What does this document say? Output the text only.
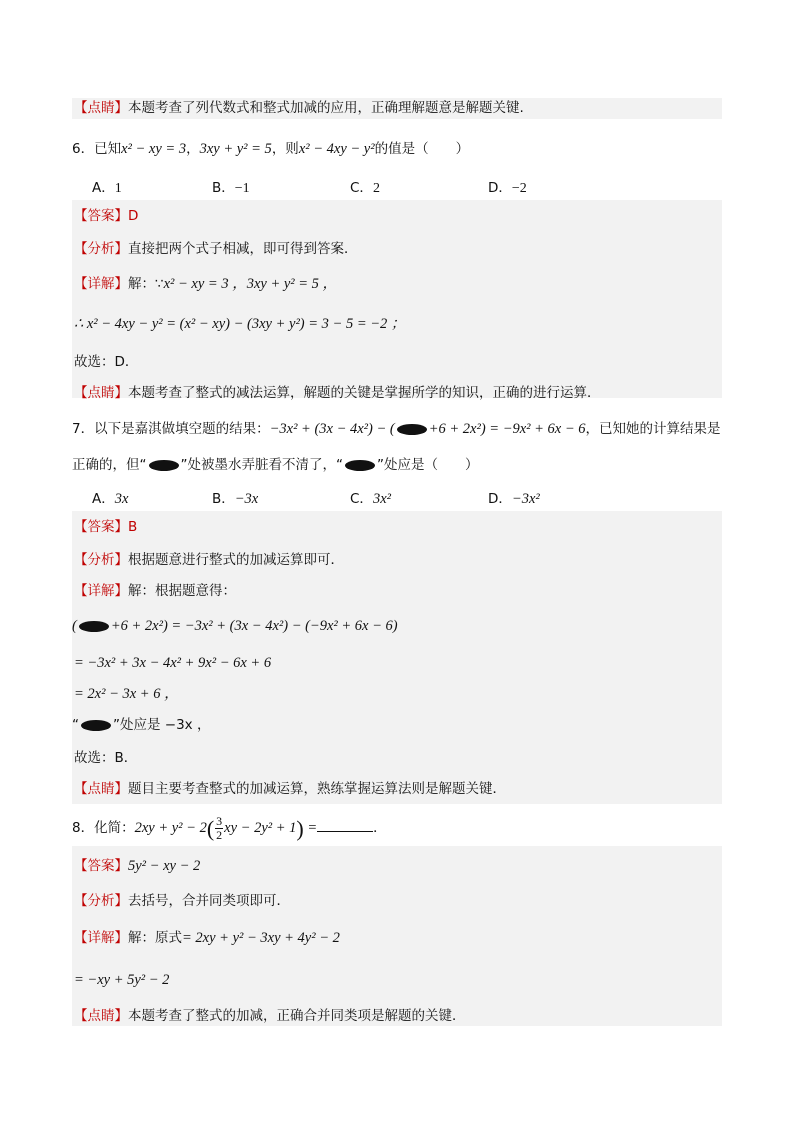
【点睛】本题考查了列代数式和整式加减的应用，正确理解题意是解题关键.
6．已知x² − xy = 3，3xy + y² = 5，则x² − 4xy − y²的值是（　　）
A．1	B．−1	C．2	D．−2
【答案】D
【分析】直接把两个式子相减，即可得到答案．
【详解】解：∵x² − xy = 3 ，3xy + y² = 5 ，
∴ x² − 4xy − y² = (x² − xy) − (3xy + y²) = 3 − 5 = −2 ；
故选：D．
【点睛】本题考查了整式的减法运算，解题的关键是掌握所学的知识，正确的进行运算．
7．以下是嘉淇做填空题的结果：−3x² + (3x − 4x²) − ( +6 + 2x²) = −9x² + 6x − 6，已知她的计算结果是
正确的，但“	”处被墨水弄脏看不清了，“	”处应是（　　）
A．3x	B．−3x	C．3x²	D．−3x²
【答案】B
【分析】根据题意进行整式的加减运算即可．
【详解】解：根据题意得：
( +6 + 2x²) = −3x² + (3x − 4x²) − (−9x² + 6x − 6)
= −3x² + 3x − 4x² + 9x² − 6x + 6
= 2x² − 3x + 6 ，
“	”处应是 −3x ，
故选：B．
【点睛】题目主要考查整式的加减运算，熟练掌握运算法则是解题关键．
8．化简：$2xy + y^2 - 2( \frac{3}{2}$ xy − 2y² + 1) =	．
【答案】5y² − xy − 2
【分析】去括号，合并同类项即可．
【详解】解：原式= 2xy + y² − 3xy + 4y² − 2
= −xy + 5y² − 2
【点睛】本题考查了整式的加减，正确合并同类项是解题的关键．
